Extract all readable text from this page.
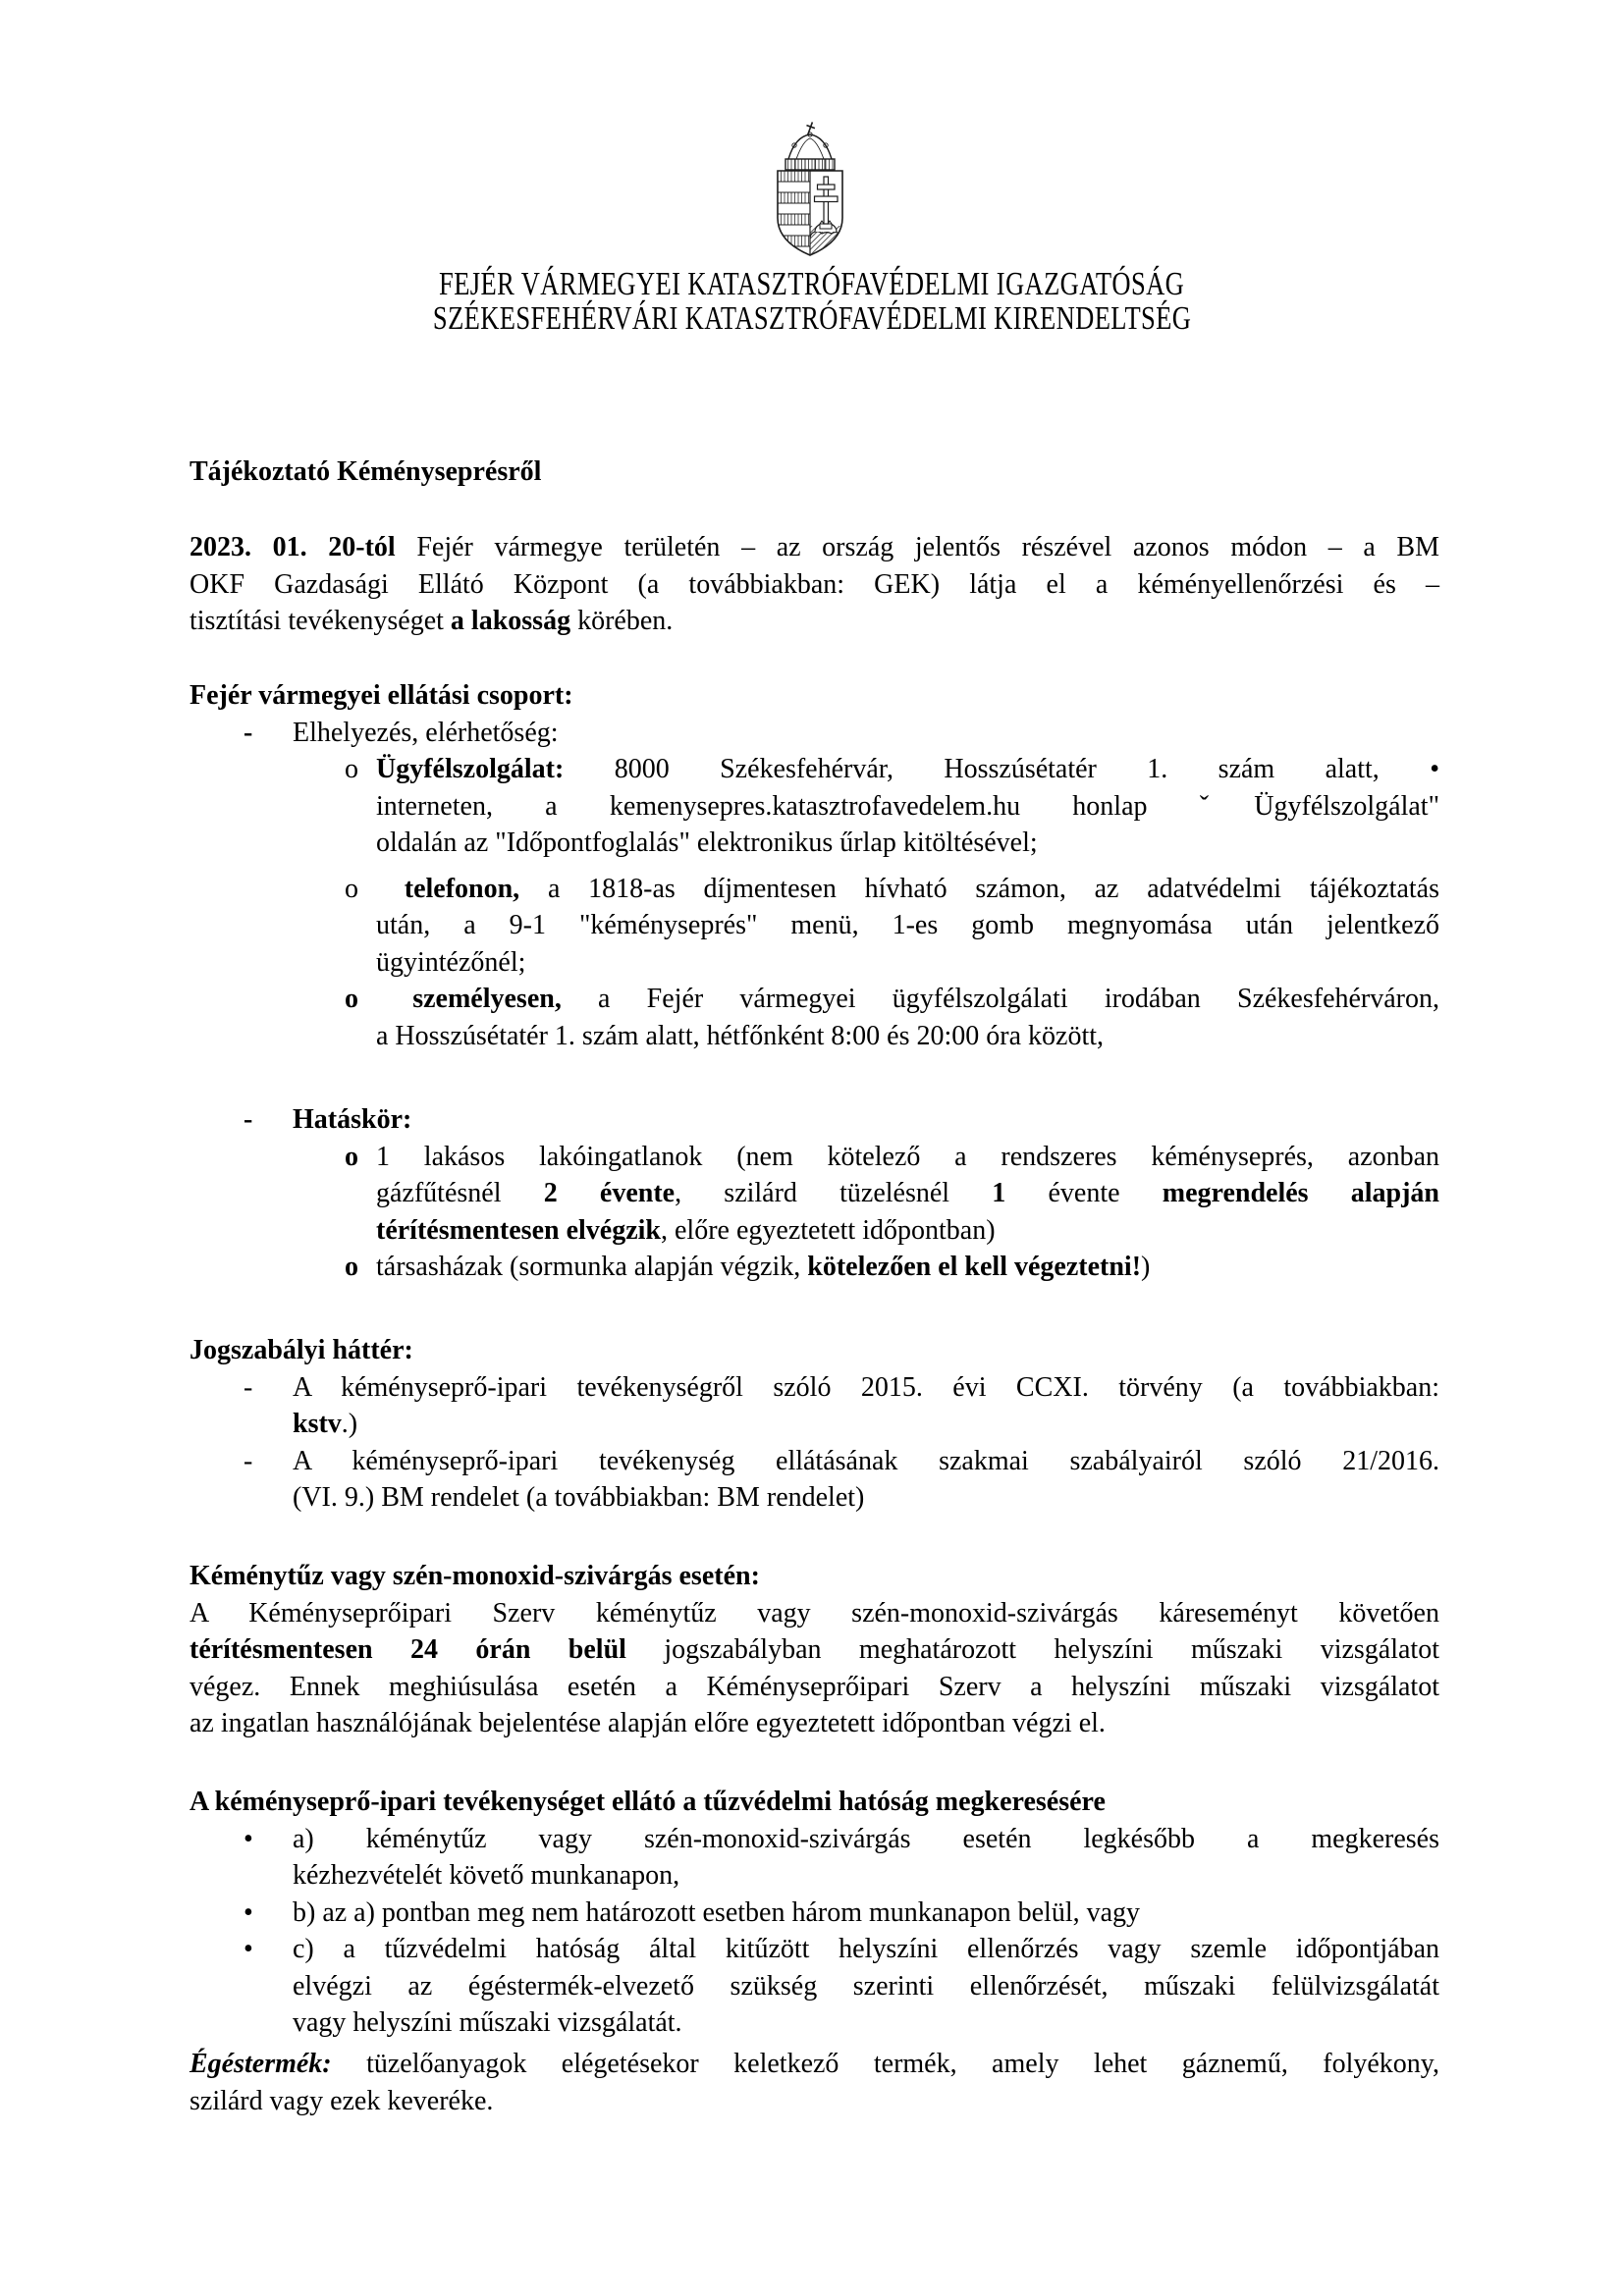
FEJÉR VÁRMEGYEI KATASZTRÓFAVÉDELMI IGAZGATÓSÁG
SZÉKESFEHÉRVÁRI KATASZTRÓFAVÉDELMI KIRENDELTSÉG
Tájékoztató Kéményseprésről
2023. 01. 20-tól Fejér vármegye területén – az ország jelentős részével azonos módon – a BM
OKF Gazdasági Ellátó Központ (a továbbiakban: GEK) látja el a kéményellenőrzési és –
tisztítási tevékenységet a lakosság körében.
Fejér vármegyei ellátási csoport:
-	Elhelyezés, elérhetőség:
o Ügyfélszolgálat: 8000 Székesfehérvár, Hosszúsétatér 1. szám alatt, •
interneten, a kemenysepres.katasztrofavedelem.hu honlap ˇÜgyfélszolgálat"
oldalán az "Időpontfoglalás" elektronikus űrlap kitöltésével;
o telefonon, a 1818-as díjmentesen hívható számon, az adatvédelmi tájékoztatás
után, a 9-1 "kéményseprés" menü, 1-es gomb megnyomása után jelentkező
ügyintézőnél;
o személyesen, a Fejér vármegyei ügyfélszolgálati irodában Székesfehérváron,
a Hosszúsétatér 1. szám alatt, hétfőnként 8:00 és 20:00 óra között,
-	Hatáskör:
o 1 lakásos lakóingatlanok (nem kötelező a rendszeres kéményseprés, azonban
gázfűtésnél 2 évente, szilárd tüzelésnél 1 évente megrendelés alapján
térítésmentesen elvégzik, előre egyeztetett időpontban)
o társasházak (sormunka alapján végzik, kötelezően el kell végeztetni!)
Jogszabályi háttér:
-	A kéményseprő-ipari tevékenységről szóló 2015. évi CCXI. törvény (a továbbiakban:
kstv.)
-	A kéményseprő-ipari tevékenység ellátásának szakmai szabályairól szóló 21/2016.
(VI. 9.) BM rendelet (a továbbiakban: BM rendelet)
Kéménytűz vagy szén-monoxid-szivárgás esetén:
A Kéményseprőipari Szerv kéménytűz vagy szén-monoxid-szivárgás káreseményt követően
térítésmentesen 24 órán belül jogszabályban meghatározott helyszíni műszaki vizsgálatot
végez. Ennek meghiúsulása esetén a Kéményseprőipari Szerv a helyszíni műszaki vizsgálatot
az ingatlan használójának bejelentése alapján előre egyeztetett időpontban végzi el.
A kéményseprő-ipari tevékenységet ellátó a tűzvédelmi hatóság megkeresésére
•	a) kéménytűz vagy szén-monoxid-szivárgás esetén legkésőbb a megkeresés
kézhezvételét követő munkanapon,
•	b) az a) pontban meg nem határozott esetben három munkanapon belül, vagy
•	c) a tűzvédelmi hatóság által kitűzött helyszíni ellenőrzés vagy szemle időpontjában
elvégzi az égéstermék-elvezető szükség szerinti ellenőrzését, műszaki felülvizsgálatát
vagy helyszíni műszaki vizsgálatát.
Égéstermék: tüzelőanyagok elégetésekor keletkező termék, amely lehet gáznemű, folyékony,
szilárd vagy ezek keveréke.
